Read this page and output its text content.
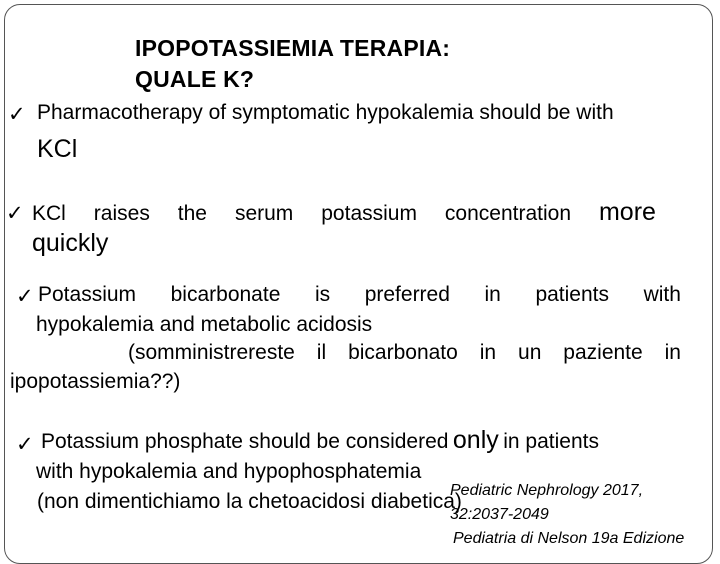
IPOPOTASSIEMIA TERAPIA:
QUALE K?
✓ Pharmacotherapy of symptomatic hypokalemia should be with
KCl
✓ KCl raises the serum potassium concentration more
quickly
✓ Potassium bicarbonate is preferred in patients with
hypokalemia and metabolic acidosis
(somministrereste il bicarbonato in un paziente in
ipopotassiemia??)
✓ Potassium phosphate should be considered only in patients
with hypokalemia and hypophosphatemia
(non dimentichiamo la chetoacidosi diabetica)
Pediatric Nephrology 2017,
32:2037-2049
Pediatria di Nelson 19a Edizione
